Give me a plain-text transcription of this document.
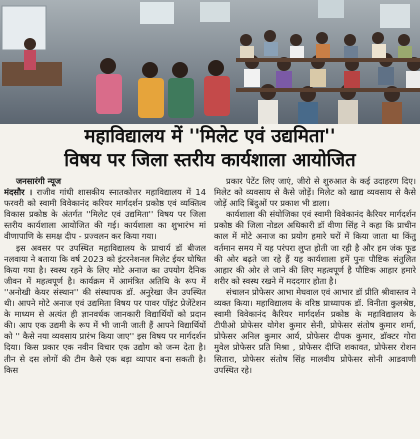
महाविद्यालय में ''मिलेट एवं उद्यमिता''
विषय पर जिला स्तरीय कार्यशाला आयोजित

जनसारंगी न्यूज
मंदसौर । राजीव गांधी शासकीय स्नातकोत्तर महाविद्यालय में 14 फरवरी को स्वामी विवेकानंद करियर मार्गदर्शन प्रकोष्ठ एवं व्यक्तित्व विकास प्रकोष्ठ के अंतर्गत ''मिलेट एवं उद्यमिता'' विषय पर जिला स्तरीय कार्यशाला आयोजित की गई। कार्यशाला का शुभारंभ मां वीणापाणि के समक्ष दीप - प्रज्वलन कर किया गया।

इस अवसर पर उपस्थित महाविद्यालय के प्राचार्य डॉ बीजल नलवाया ने बताया कि वर्ष 2023 को इंटरनेशनल मिलेट ईयर घोषित किया गया है। स्वस्थ रहने के लिए मोटे अनाज का उपयोग दैनिक जीवन में महत्वपूर्ण है। कार्यक्रम में आमंत्रित अतिथि के रूप में ''अनोखी केयर संस्थान'' की संस्थापक डॉ. अनुरेखा जैन उपस्थित थी। आपने मोटे अनाज एवं उद्यमिता विषय पर पावर पॉइंट प्रेजेंटेशन के माध्यम से अत्यंत ही ज्ञानवर्धक जानकारी विद्यार्थियों को प्रदान की। आप एक उद्यमी के रूप में भी जानी जाती हैं आपने विद्यार्थियों को '' कैसे नया व्यवसाय प्रारंभ किया जाए'' इस विषय पर मार्गदर्शन दिया। किस प्रकार एक नवीन विचार एक उद्योग को जन्म देता है। तीन से दस लोगों की टीम कैसे एक बड़ा व्यापार बना सकती है। किस

प्रकार पेटेंट लिए जाएं, जीरो से शुरुआत के कई उदाहरण दिए। मिलेट को व्यवसाय से कैसे जोड़ें। मिलेट को खाद्य व्यवसाय से कैसे जोड़ें आदि बिंदुओं पर प्रकाश भी डाला।

कार्यशाला की संयोजिका एवं स्वामी विवेकानंद कैरियर मार्गदर्शन प्रकोष्ठ की जिला नोडल अधिकारी डॉ वीणा सिंह ने कहा कि प्राचीन काल में मोटे अनाज का प्रयोग हमारे घरों में किया जाता था किंतु वर्तमान समय में यह परंपरा लुप्त होती जा रही है और हम जंक फूड की ओर बढ़ते जा रहे हैं यह कार्यशाला हमें पुनः पौष्टिक संतुलित आहार की ओर ले जाने की लिए महत्वपूर्ण है पौष्टिक आहार हमारे शरीर को स्वस्थ रखने में मददगार होता है।

संचालन प्रोफेसर आभा मेघवाल एवं आभार डॉ प्रीति श्रीवास्तव ने व्यक्त किया। महाविद्यालय के वरिष्ठ प्राध्यापक डॉ. विनीता कुलश्रेष्ठ, स्वामी विवेकानंद कैरियर मार्गदर्शन प्रकोष्ठ के महाविद्यालय के टीपीओ प्रोफेसर योगेश कुमार सेनी, प्रोफेसर संतोष कुमार शर्मा, प्रोफेसर अनिल कुमार आर्य, प्रोफेसर दीपक कुमार, डॉक्टर गोरा मुवेल प्रोफेसर प्रति मिश्रा , प्रोफेसर दीप्ति शकावत, प्रोफेसर रोशन सितारा, प्रोफेसर संतोष सिंह मालवीय प्रोफेसर सोनी आडवाणी उपस्थित रहे।
